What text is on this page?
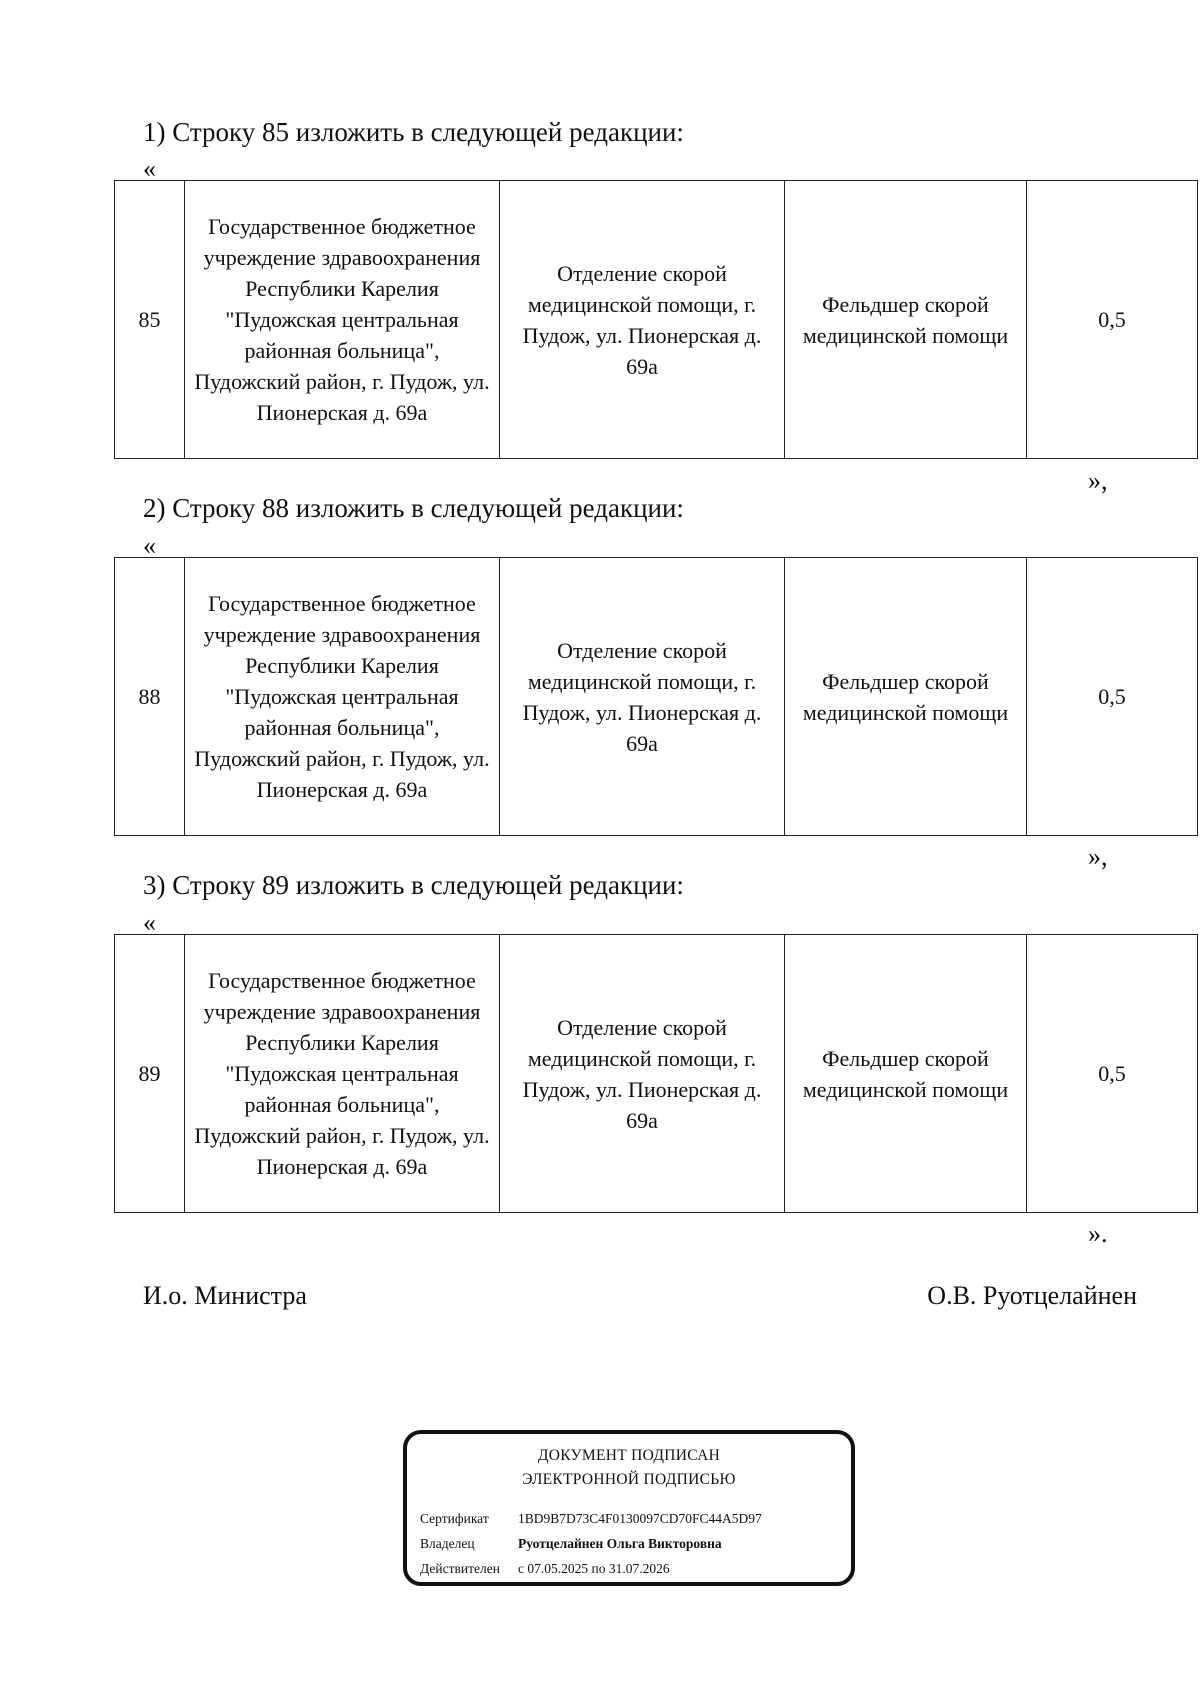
1) Строку 85 изложить в следующей редакции:
«
85	Государственное бюджетное учреждение здравоохранения Республики Карелия "Пудожская центральная районная больница", Пудожский район, г. Пудож, ул. Пионерская д. 69а	Отделение скорой медицинской помощи, г. Пудож, ул. Пионерская д. 69а	Фельдшер скорой медицинской помощи	0,5
»,
2) Строку 88 изложить в следующей редакции:
«
88	Государственное бюджетное учреждение здравоохранения Республики Карелия "Пудожская центральная районная больница", Пудожский район, г. Пудож, ул. Пионерская д. 69а	Отделение скорой медицинской помощи, г. Пудож, ул. Пионерская д. 69а	Фельдшер скорой медицинской помощи	0,5
»,
3) Строку 89 изложить в следующей редакции:
«
89	Государственное бюджетное учреждение здравоохранения Республики Карелия "Пудожская центральная районная больница", Пудожский район, г. Пудож, ул. Пионерская д. 69а	Отделение скорой медицинской помощи, г. Пудож, ул. Пионерская д. 69а	Фельдшер скорой медицинской помощи	0,5
».
И.о. Министра	О.В. Руотцелайнен
ДОКУМЕНТ ПОДПИСАН
ЭЛЕКТРОННОЙ ПОДПИСЬЮ
Сертификат 1BD9B7D73C4F0130097CD70FC44A5D97
Владелец	Руотцелайнен Ольга Викторовна
Действителен с 07.05.2025 по 31.07.2026
